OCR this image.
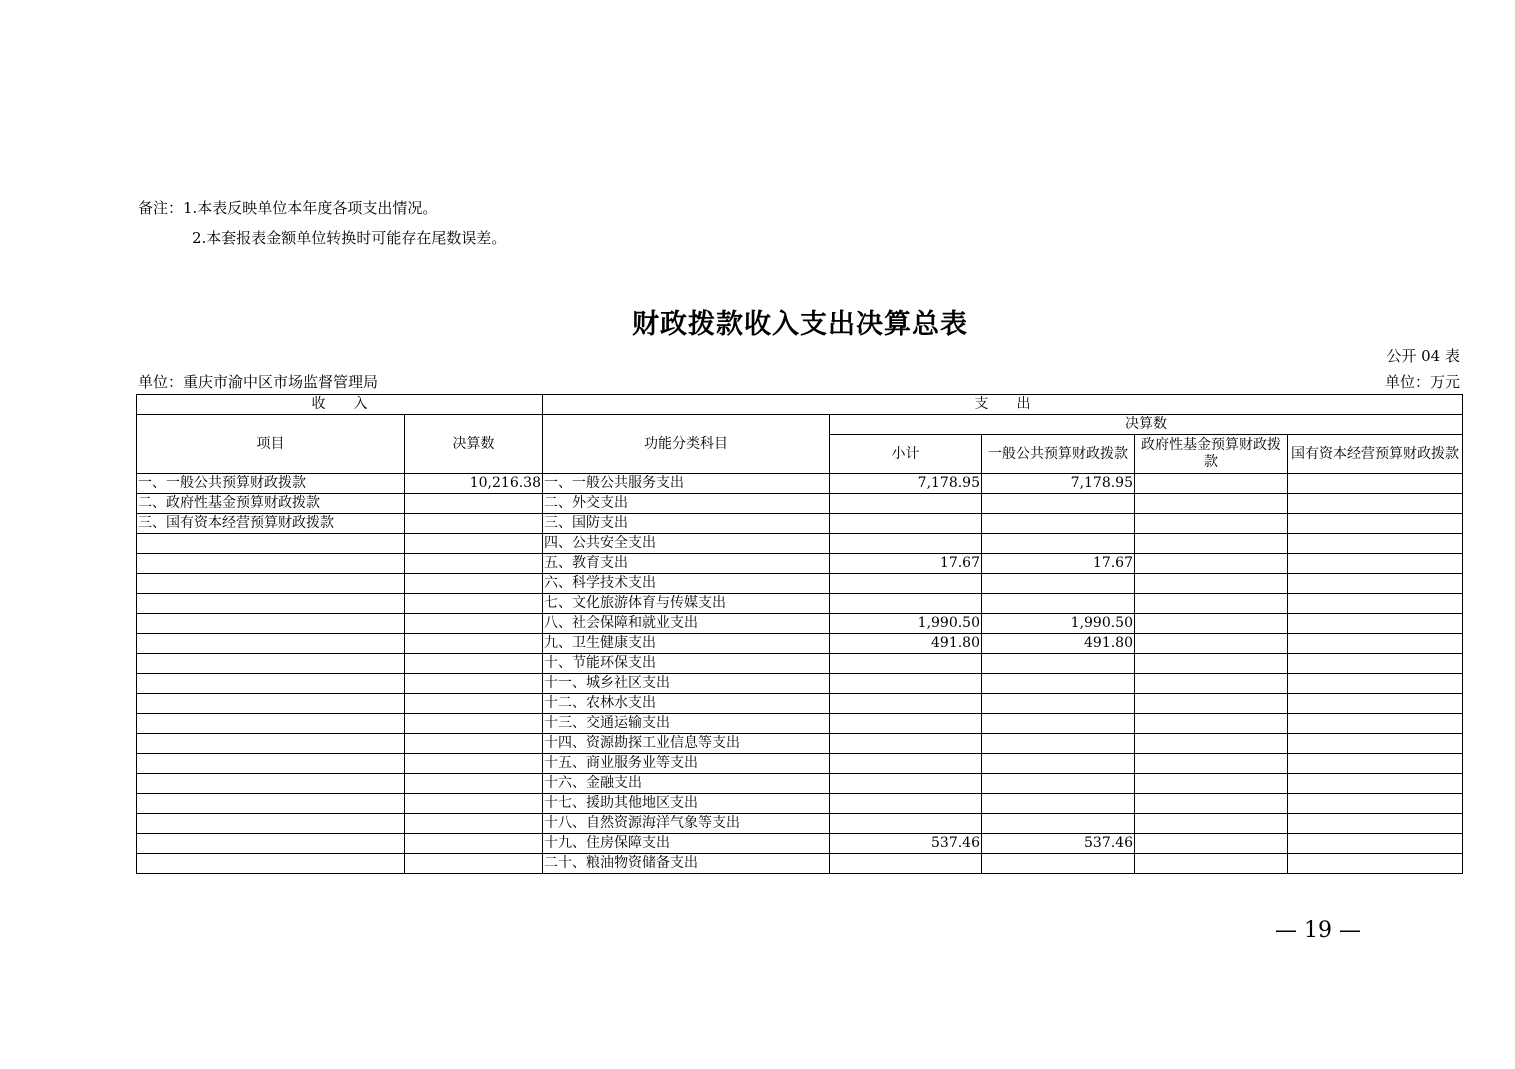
备注：1.本表反映单位本年度各项支出情况。
2.本套报表金额单位转换时可能存在尾数误差。
财政拨款收入支出决算总表
公开 04 表
单位：重庆市渝中区市场监督管理局	单位：万元
收　　入		支　　出				
项目	决算数	功能分类科目	决算数			
			小计	一般公共预算财政拨款	政府性基金预算财政拨款	国有资本经营预算财政拨款
一、一般公共预算财政拨款	10,216.38	一、一般公共服务支出	7,178.95	7,178.95		
二、政府性基金预算财政拨款		二、外交支出				
三、国有资本经营预算财政拨款		三、国防支出				
		四、公共安全支出				
		五、教育支出	17.67	17.67		
		六、科学技术支出				
		七、文化旅游体育与传媒支出				
		八、社会保障和就业支出	1,990.50	1,990.50		
		九、卫生健康支出	491.80	491.80		
		十、节能环保支出				
		十一、城乡社区支出				
		十二、农林水支出				
		十三、交通运输支出				
		十四、资源勘探工业信息等支出				
		十五、商业服务业等支出				
		十六、金融支出				
		十七、援助其他地区支出				
		十八、自然资源海洋气象等支出				
		十九、住房保障支出	537.46	537.46		
		二十、粮油物资储备支出				
— 19 —
